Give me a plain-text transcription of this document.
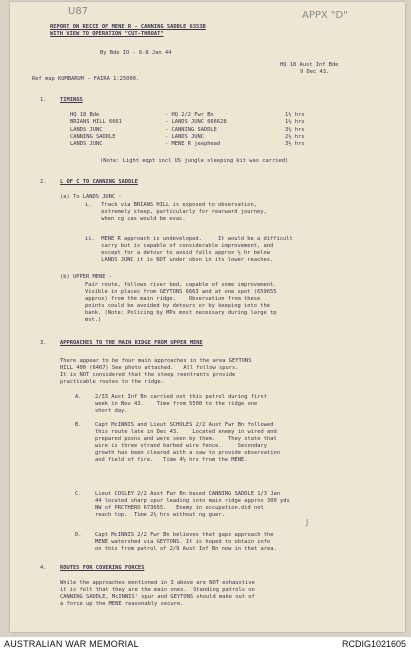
U87	APPX "D"
REPORT ON RECCE OF MENE R - CANNING SADDLE 6353B
WITH VIEW TO OPERATION "CUT-THROAT"
By Bde IO - 6-8 Jan 44
HQ 18 Aust Inf Bde
9 Dec 43.
Ref map KUMBARUM - FAIRA 1:25000.
1.	TIMINGS
HQ 18 Bde	- HQ 2/2 Fwr Bn	1½ hrs
BRIANS HILL 6661	- LANDS JUNC 666628	1½ hrs
LANDS JUNC	- CANNING SADDLE	3½ hrs
CANNING SADDLE	- LANDS JUNC	2½ hrs
LANDS JUNC	- MENE R jeephead	3½ hrs
(Note: Light eqpt incl US jungle sleeping kit was carried)
2.	L OF C TO CANNING SADDLE
(a) To LANDS JUNC -
i.   Track via BRIANS HILL is exposed to observation,
extremely steep, particularly for rearward journey,
when cg cas would be evac.
ii.  MENE R approach is undeveloped.     It would be a difficult
carry but is capable of considerable improvement, and
except for a detour to avoid falls approx ½ hr below
LANDS JUNC it is NOT under obsn in its lower reaches.
(b) UPPER MENE -
Fair route, follows river bed, capable of some improvement.
Visible in places from GEYTONS 6663 and at one spot (659655
approx) from the main ridge.    Observation from these
points could be avoided by detours or by keeping into the
bank. (Note: Policing by MPs most necessary during large tp
mvt.)
3.	APPROACHES TO THE MAIN RIDGE FROM UPPER MENE
There appear to be four main approaches in the area GEYTONS
HILL 400 (6467) See photo attached.   All follow spurs.
It is NOT considered that the steep reentrants provide
practicable routes to the ridge.
A.	2/33 Aust Inf Bn carried out this patrol during first
week in Nov 43.    Time from 5500 to the ridge one
short day.
B.	Capt McINNIS and Lieut SCHOLES 2/2 Aust Fwr Bn followed
this route late in Dec 43.    Located enemy in wired and
prepared posns and were seen by them.    They state that
wire is three strand barbed wire fence.     Secondary
growth has been cleared with a saw to provide observation
and field of fire.   Time 4½ hrs from the MENE.
J
C.	Lieut COSLEY 2/2 Aust Fwr Bn based CANNING SADDLE 1/3 Jan
44 located sharp spur leading into main ridge approx 300 yds
NW of PRCTHERO 673655.   Enemy in occupation.did not
reach top.  Time 2½ hrs without ng guer.
D.	Capt McINNIS 2/2 Fwr Bn believes that gaps approach the
MENE watershed via GEYTONS. It is hoped to obtain info
on this from patrol of 2/9 Aust Inf Bn now in that area.
4.	ROUTES FOR COVERING FORCES
While the approaches mentioned in 3 above are NOT exhaustive
it is felt that they are the main ones.  Standing patrols on
CANNING SADDLE, McINNIS' spur and GEYTONS should make out of
a force up the MENE reasonably secure.
AUSTRALIAN WAR MEMORIAL	RCDIG1021605
